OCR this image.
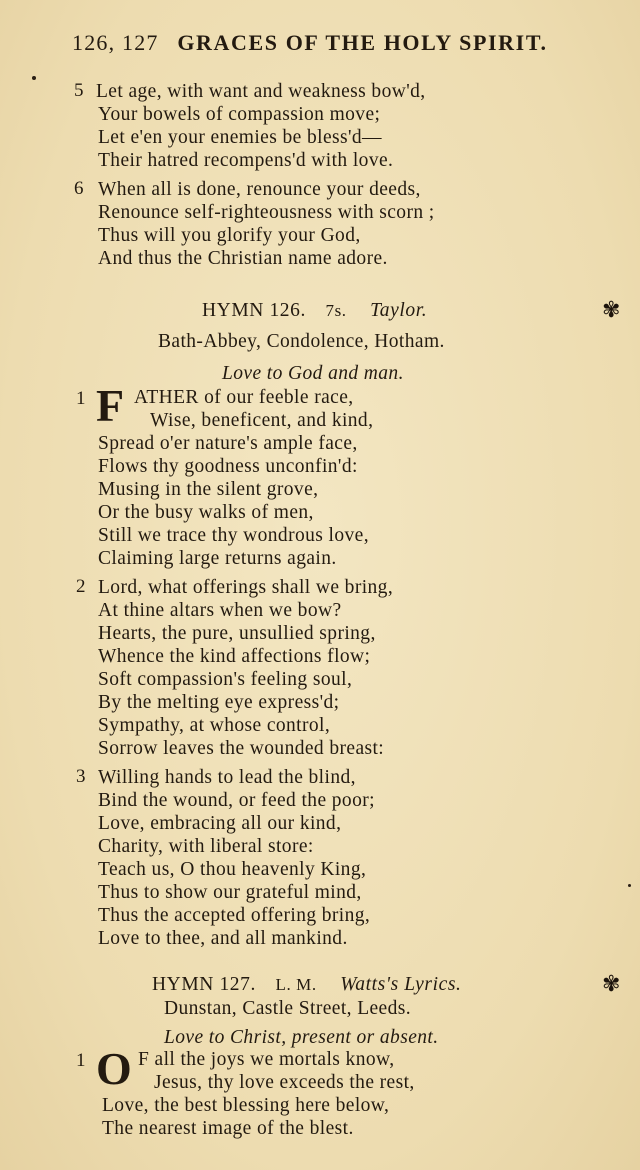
126, 127 GRACES OF THE HOLY SPIRIT.
5 Let age, with want and weakness bow'd,
Your bowels of compassion move;
Let e'en your enemies be bless'd—
Their hatred recompens'd with love.
6 When all is done, renounce your deeds,
Renounce self-righteousness with scorn ;
Thus will you glorify your God,
And thus the Christian name adore.
HYMN 126. 7s. Taylor.	✾
Bath-Abbey, Condolence, Hotham.
Love to God and man.
1 F ATHER of our feeble race,
Wise, beneficent, and kind,
Spread o'er nature's ample face,
Flows thy goodness unconfin'd:
Musing in the silent grove,
Or the busy walks of men,
Still we trace thy wondrous love,
Claiming large returns again.
2 Lord, what offerings shall we bring,
At thine altars when we bow?
Hearts, the pure, unsullied spring,
Whence the kind affections flow;
Soft compassion's feeling soul,
By the melting eye express'd;
Sympathy, at whose control,
Sorrow leaves the wounded breast:
3 Willing hands to lead the blind,
Bind the wound, or feed the poor;
Love, embracing all our kind,
Charity, with liberal store:
Teach us, O thou heavenly King,
Thus to show our grateful mind,
Thus the accepted offering bring,
Love to thee, and all mankind.
HYMN 127. L. M. Watts's Lyrics.	✾
Dunstan, Castle Street, Leeds.
Love to Christ, present or absent.
1 O F all the joys we mortals know,
Jesus, thy love exceeds the rest,
Love, the best blessing here below,
The nearest image of the blest.
